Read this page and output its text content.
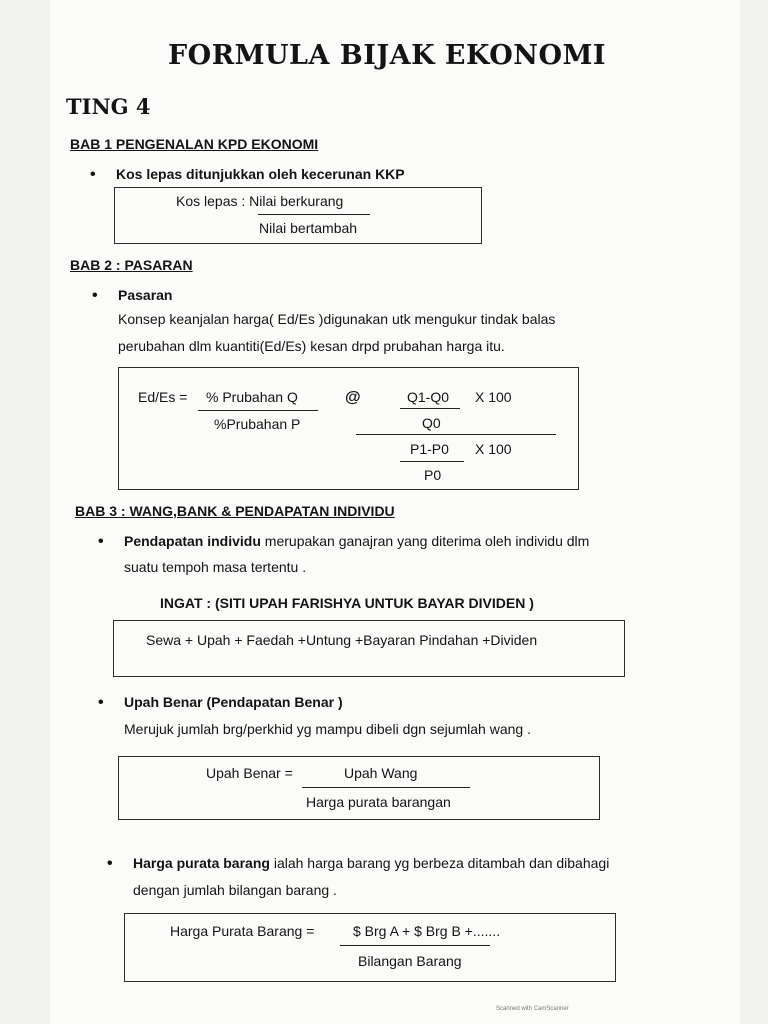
FORMULA BIJAK EKONOMI
TING 4
BAB 1 PENGENALAN KPD EKONOMI
• Kos lepas ditunjukkan oleh kecerunan KKP
Kos lepas : Nilai berkurang
Nilai bertambah
BAB 2 : PASARAN
• Pasaran
Konsep keanjalan harga( Ed/Es )digunakan utk mengukur tindak balas
perubahan dlm kuantiti(Ed/Es) kesan drpd prubahan harga itu.
Ed/Es = % Prubahan Q
%Prubahan P
@	Q1-Q0 X 100
Q0
P1-P0 X 100
P0
BAB 3 : WANG,BANK & PENDAPATAN INDIVIDU
• Pendapatan individu merupakan ganajran yang diterima oleh individu dlm
suatu tempoh masa tertentu .
INGAT : (SITI UPAH FARISHYA UNTUK BAYAR DIVIDEN )
Sewa + Upah + Faedah +Untung +Bayaran Pindahan +Dividen
• Upah Benar (Pendapatan Benar )
Merujuk jumlah brg/perkhid yg mampu dibeli dgn sejumlah wang .
Upah Benar =	Upah Wang
Harga purata barangan
• Harga purata barang ialah harga barang yg berbeza ditambah dan dibahagi
dengan jumlah bilangan barang .
Harga Purata Barang =	$ Brg A + $ Brg B +.......
Bilangan Barang
Scanned with CamScanner
